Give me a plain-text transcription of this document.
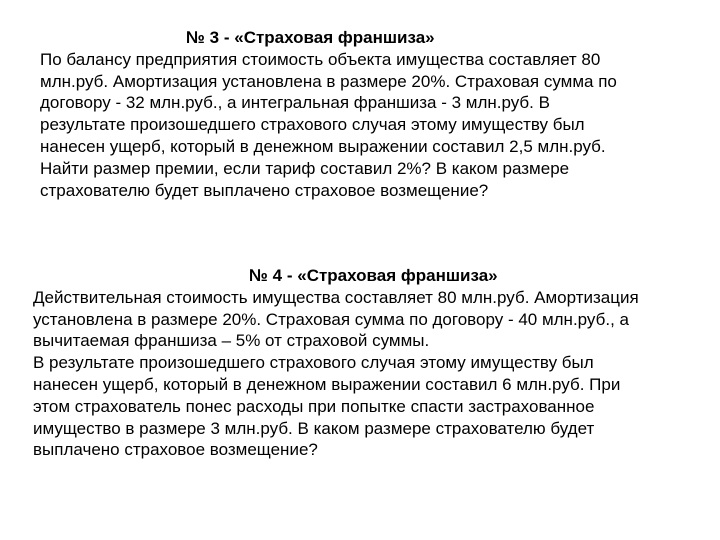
№ 3 - «Страховая франшиза»
По балансу предприятия стоимость объекта имущества составляет 80
млн.руб. Амортизация установлена в размере 20%. Страховая сумма по
договору - 32 млн.руб., а интегральная франшиза - 3 млн.руб. В
результате произошедшего страхового случая этому имуществу был
нанесен ущерб, который в денежном выражении составил 2,5 млн.руб.
Найти размер премии, если тариф составил 2%? В каком размере
страхователю будет выплачено страховое возмещение?
№ 4 - «Страховая франшиза»
Действительная стоимость имущества составляет 80 млн.руб. Амортизация
установлена в размере 20%. Страховая сумма по договору - 40 млн.руб., а
вычитаемая франшиза – 5% от страховой суммы.
В результате произошедшего страхового случая этому имуществу был
нанесен ущерб, который в денежном выражении составил 6 млн.руб. При
этом страхователь понес расходы при попытке спасти застрахованное
имущество в размере 3 млн.руб. В каком размере страхователю будет
выплачено страховое возмещение?
